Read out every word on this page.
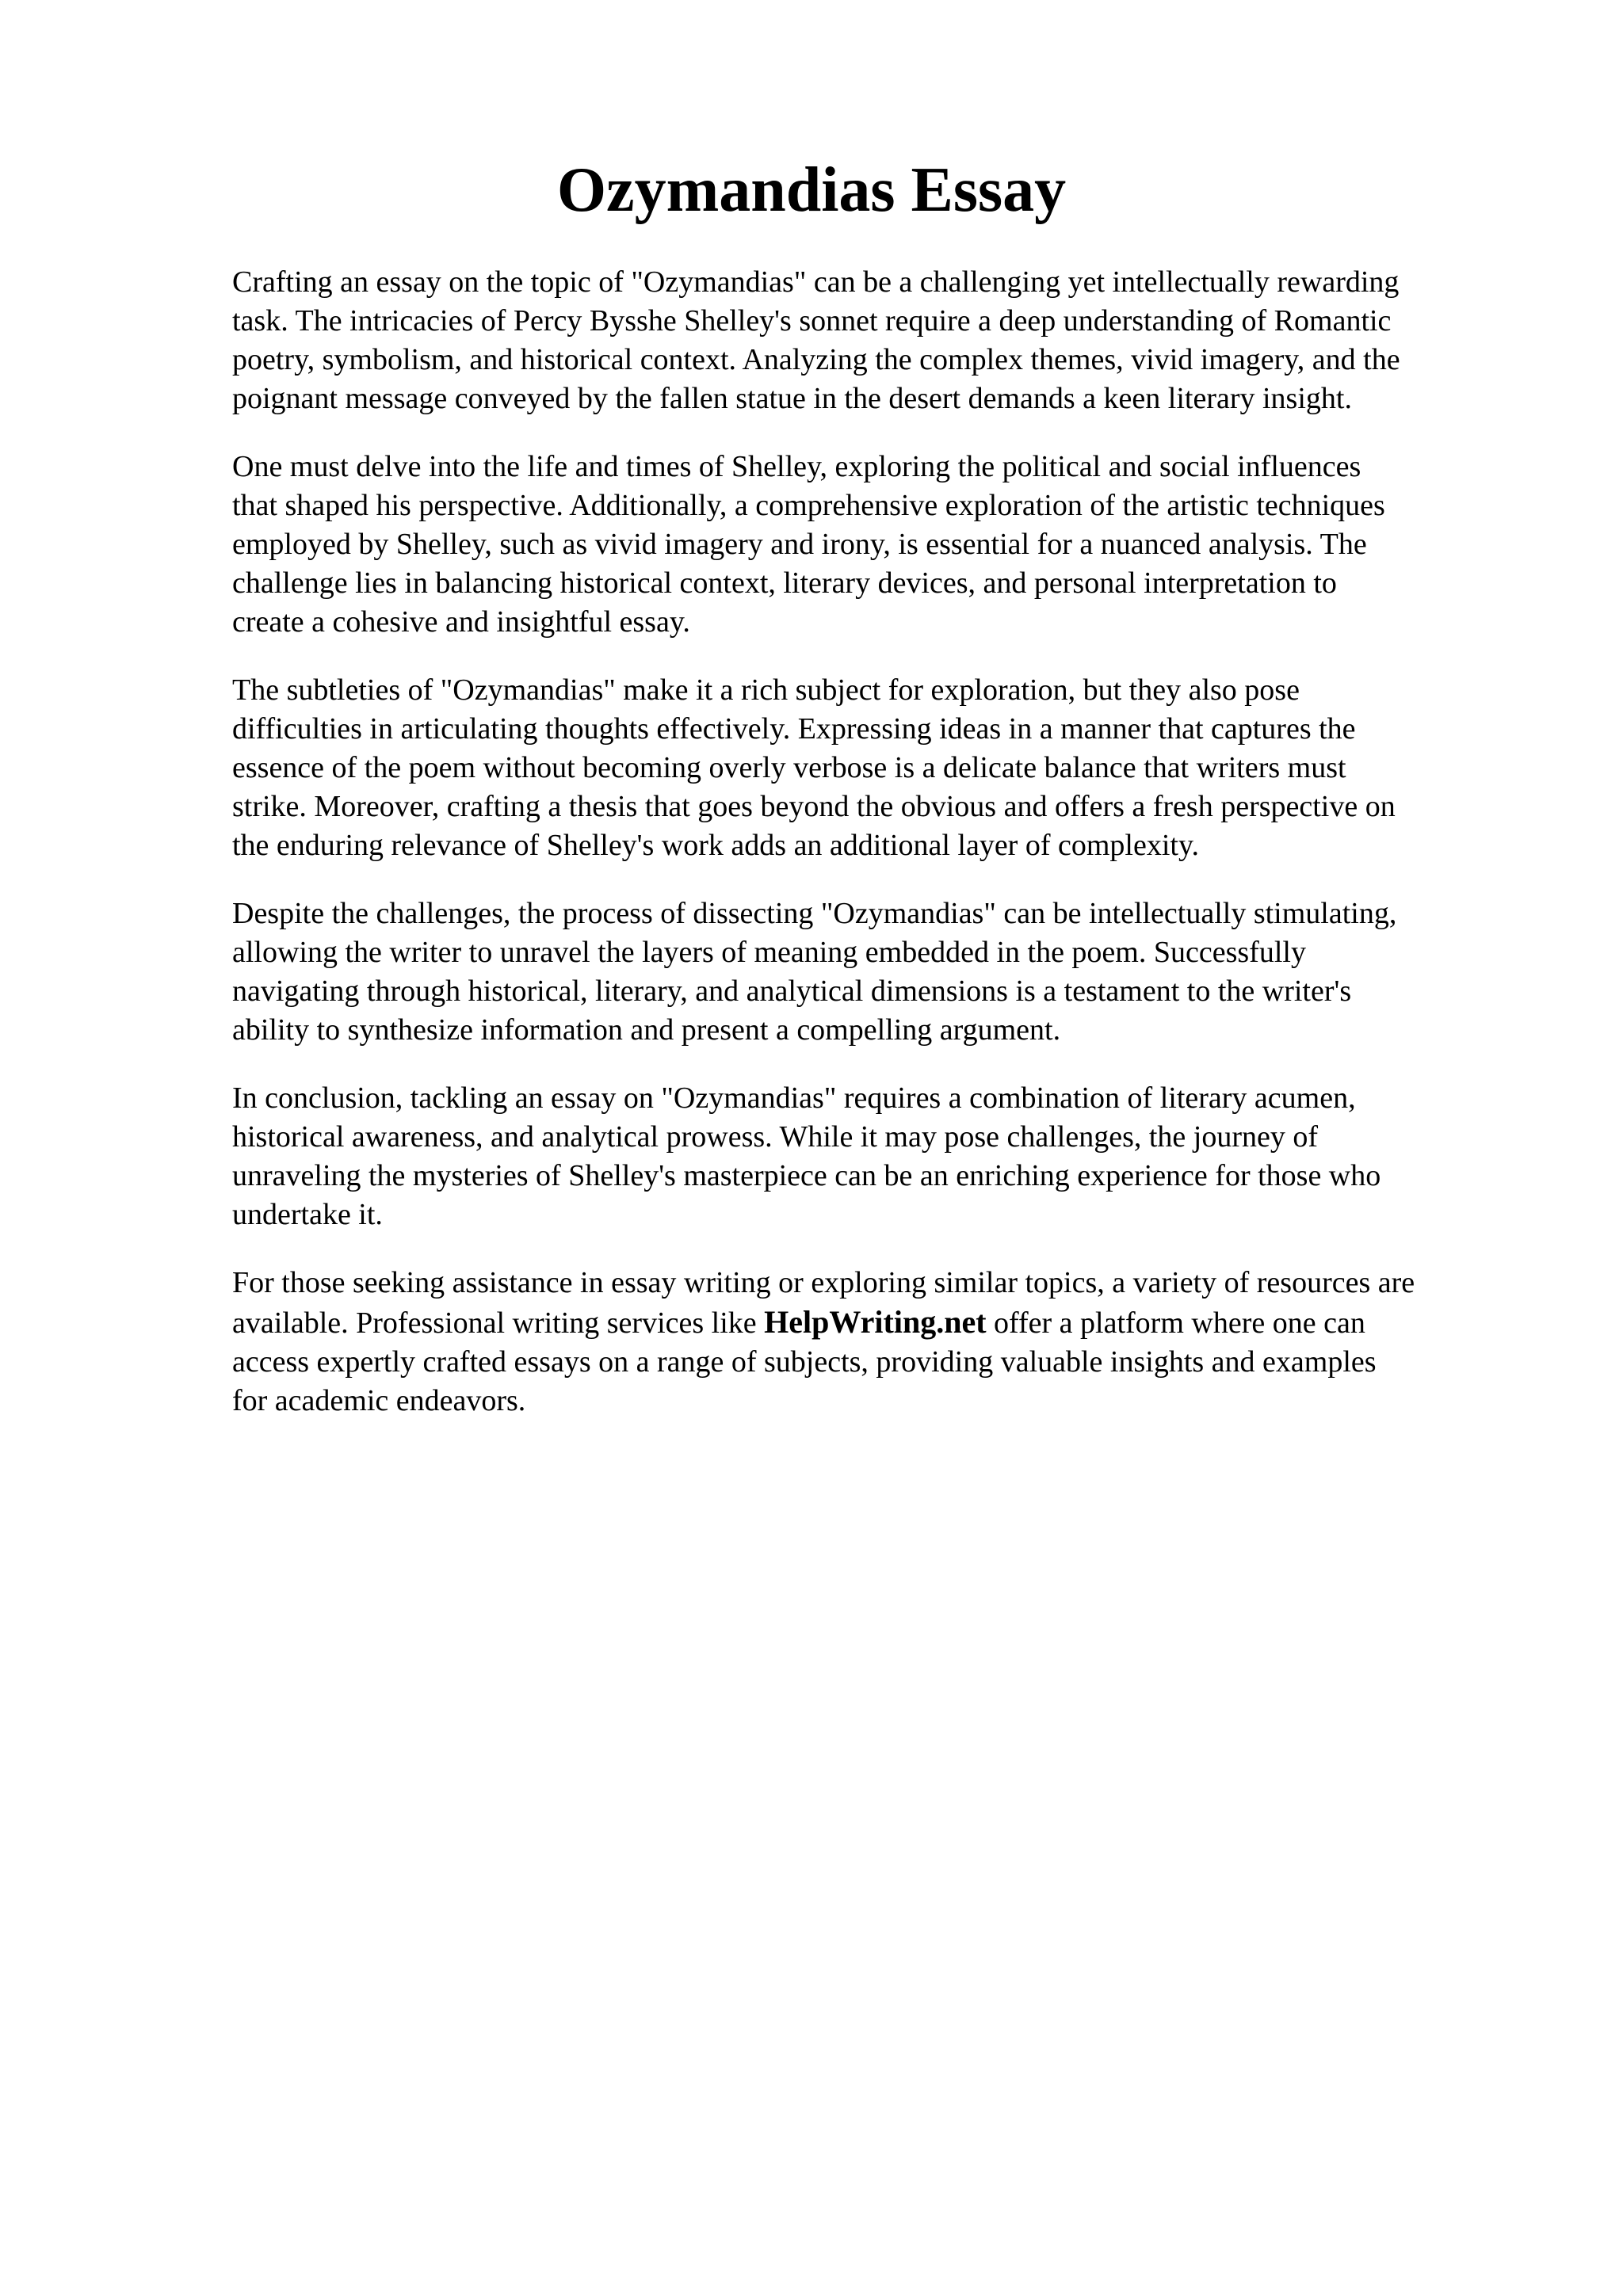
Ozymandias Essay

Crafting an essay on the topic of "Ozymandias" can be a challenging yet intellectually rewarding
task. The intricacies of Percy Bysshe Shelley's sonnet require a deep understanding of Romantic
poetry, symbolism, and historical context. Analyzing the complex themes, vivid imagery, and the
poignant message conveyed by the fallen statue in the desert demands a keen literary insight.

One must delve into the life and times of Shelley, exploring the political and social influences
that shaped his perspective. Additionally, a comprehensive exploration of the artistic techniques
employed by Shelley, such as vivid imagery and irony, is essential for a nuanced analysis. The
challenge lies in balancing historical context, literary devices, and personal interpretation to
create a cohesive and insightful essay.

The subtleties of "Ozymandias" make it a rich subject for exploration, but they also pose
difficulties in articulating thoughts effectively. Expressing ideas in a manner that captures the
essence of the poem without becoming overly verbose is a delicate balance that writers must
strike. Moreover, crafting a thesis that goes beyond the obvious and offers a fresh perspective on
the enduring relevance of Shelley's work adds an additional layer of complexity.

Despite the challenges, the process of dissecting "Ozymandias" can be intellectually stimulating,
allowing the writer to unravel the layers of meaning embedded in the poem. Successfully
navigating through historical, literary, and analytical dimensions is a testament to the writer's
ability to synthesize information and present a compelling argument.

In conclusion, tackling an essay on "Ozymandias" requires a combination of literary acumen,
historical awareness, and analytical prowess. While it may pose challenges, the journey of
unraveling the mysteries of Shelley's masterpiece can be an enriching experience for those who
undertake it.

For those seeking assistance in essay writing or exploring similar topics, a variety of resources are
available. Professional writing services like HelpWriting.net offer a platform where one can
access expertly crafted essays on a range of subjects, providing valuable insights and examples
for academic endeavors.
